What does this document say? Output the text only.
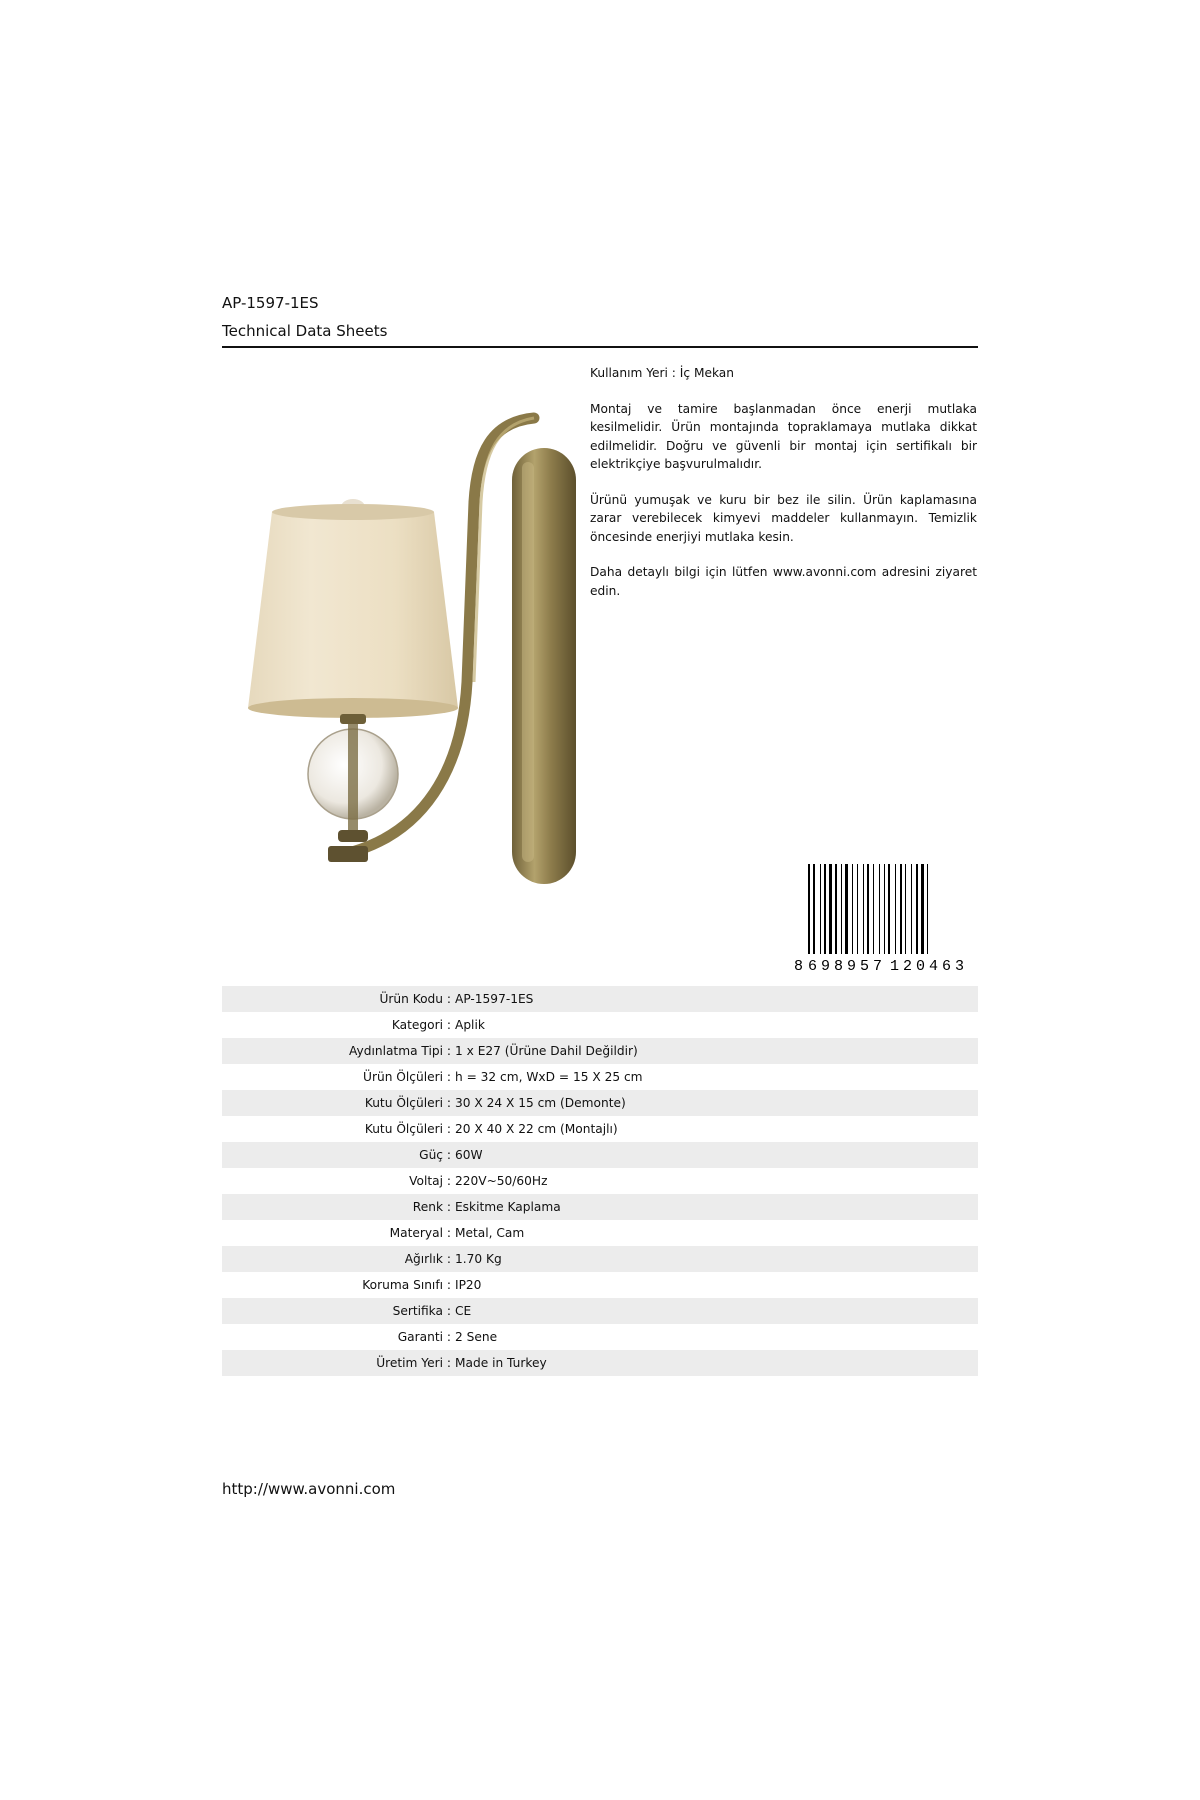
AP-1597-1ES
Technical Data Sheets

Kullanım Yeri : İç Mekan

Montaj ve tamire başlanmadan önce enerji mutlaka kesilmelidir. Ürün montajında topraklamaya mutlaka dikkat edilmelidir. Doğru ve güvenli bir montaj için sertifikalı bir elektrikçiye başvurulmalıdır.

Ürünü yumuşak ve kuru bir bez ile silin. Ürün kaplamasına zarar verebilecek kimyevi maddeler kullanmayın. Temizlik öncesinde enerjiyi mutlaka kesin.

Daha detaylı bilgi için lütfen www.avonni.com adresini ziyaret edin.

8 698957 120463
Ürün Kodu : AP-1597-1ES
Kategori : Aplik
Aydınlatma Tipi : 1 x E27 (Ürüne Dahil Değildir)
Ürün Ölçüleri : h = 32 cm, WxD = 15 X 25 cm
Kutu Ölçüleri : 30 X 24 X 15 cm (Demonte)
Kutu Ölçüleri : 20 X 40 X 22 cm (Montajlı)
Güç : 60W
Voltaj : 220V~50/60Hz
Renk : Eskitme Kaplama
Materyal : Metal, Cam
Ağırlık : 1.70 Kg
Koruma Sınıfı : IP20
Sertifika : CE
Garanti : 2 Sene
Üretim Yeri : Made in Turkey
http://www.avonni.com
